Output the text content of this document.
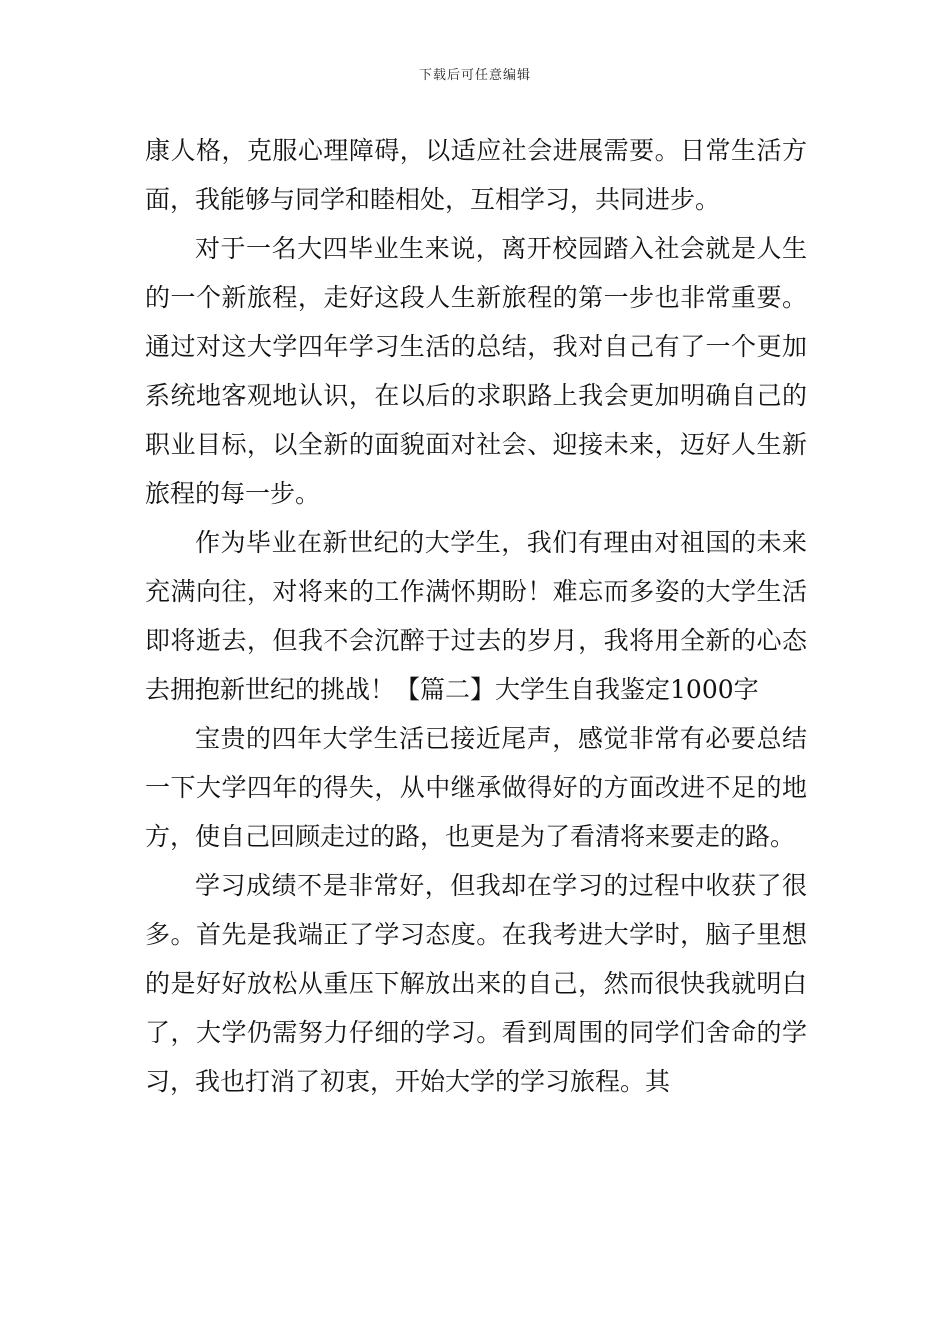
下载后可任意编辑

康人格，克服心理障碍，以适应社会进展需要。日常生活方面，我能够与同学和睦相处，互相学习，共同进步。

对于一名大四毕业生来说，离开校园踏入社会就是人生的一个新旅程，走好这段人生新旅程的第一步也非常重要。通过对这大学四年学习生活的总结，我对自己有了一个更加系统地客观地认识，在以后的求职路上我会更加明确自己的职业目标，以全新的面貌面对社会、迎接未来，迈好人生新旅程的每一步。

作为毕业在新世纪的大学生，我们有理由对祖国的未来充满向往，对将来的工作满怀期盼！难忘而多姿的大学生活即将逝去，但我不会沉醉于过去的岁月，我将用全新的心态去拥抱新世纪的挑战！【篇二】大学生自我鉴定1000字

宝贵的四年大学生活已接近尾声，感觉非常有必要总结一下大学四年的得失，从中继承做得好的方面改进不足的地方，使自己回顾走过的路，也更是为了看清将来要走的路。

学习成绩不是非常好，但我却在学习的过程中收获了很多。首先是我端正了学习态度。在我考进大学时，脑子里想的是好好放松从重压下解放出来的自己，然而很快我就明白了，大学仍需努力仔细的学习。看到周围的同学们舍命的学习，我也打消了初衷，开始大学的学习旅程。其
